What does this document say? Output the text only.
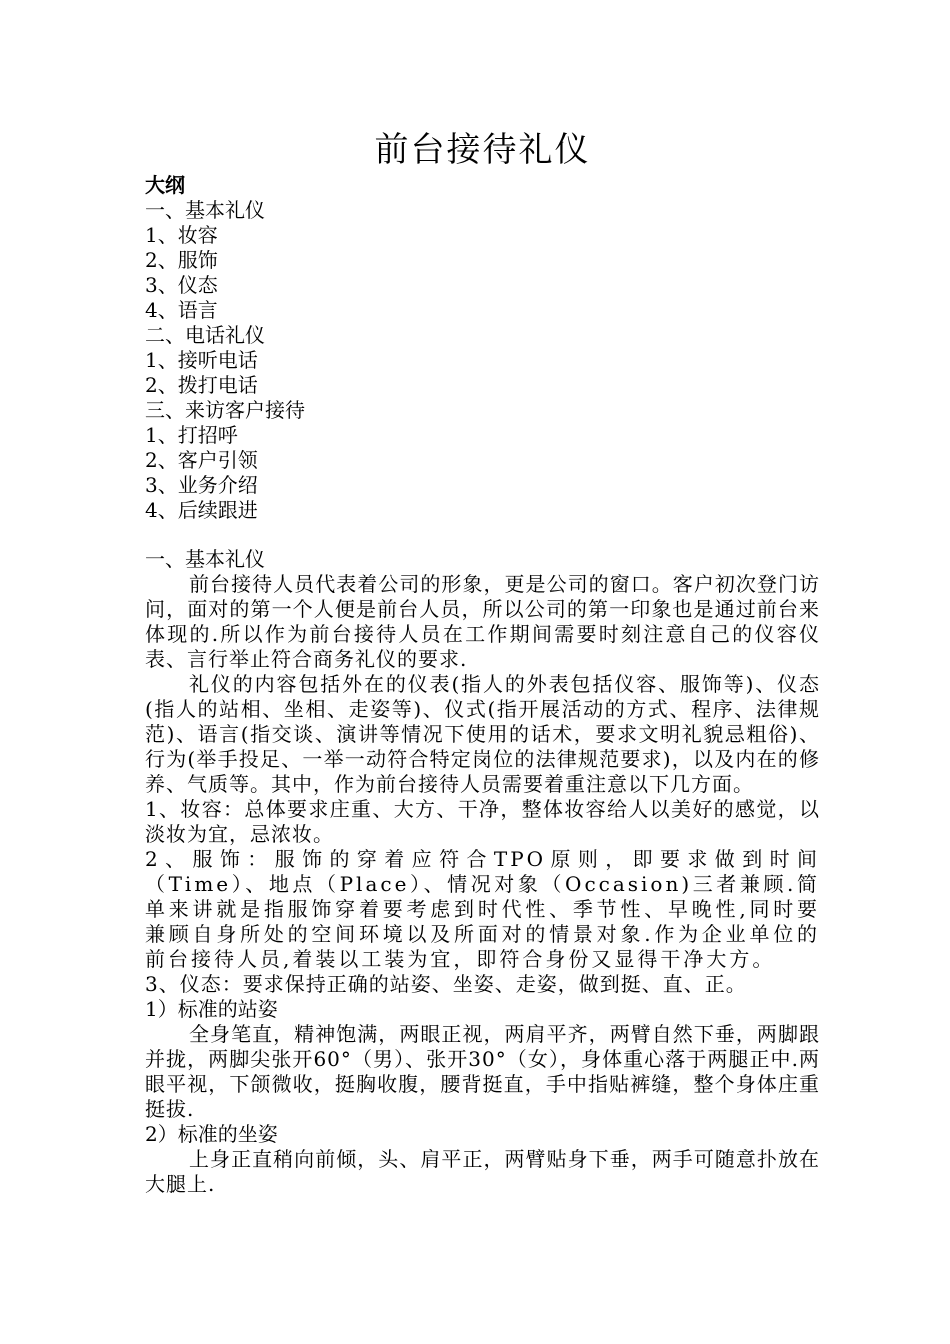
前台接待礼仪
大纲
一、基本礼仪
1、妆容
2、服饰
3、仪态
4、语言
二、电话礼仪
1、接听电话
2、拨打电话
三、来访客户接待
1、打招呼
2、客户引领
3、业务介绍
4、后续跟进
一、基本礼仪

前台接待人员代表着公司的形象，更是公司的窗口。客户初次登门访问，面对的第一个人便是前台人员，所以公司的第一印象也是通过前台来体现的.所以作为前台接待人员在工作期间需要时刻注意自己的仪容仪表、言行举止符合商务礼仪的要求.

礼仪的内容包括外在的仪表(指人的外表包括仪容、服饰等)、仪态(指人的站相、坐相、走姿等)、仪式(指开展活动的方式、程序、法律规范)、语言(指交谈、演讲等情况下使用的话术，要求文明礼貌忌粗俗)、行为(举手投足、一举一动符合特定岗位的法律规范要求)，以及内在的修养、气质等。其中，作为前台接待人员需要着重注意以下几方面。

1、妆容：总体要求庄重、大方、干净，整体妆容给人以美好的感觉，以淡妆为宜，忌浓妆。

2、服饰：服饰的穿着应符合TPO原则，即要求做到时间（Time）、地点（Place）、情况对象（Occasion)三者兼顾.简单来讲就是指服饰穿着要考虑到时代性、季节性、早晚性,同时要兼顾自身所处的空间环境以及所面对的情景对象.作为企业单位的前台接待人员,着装以工装为宜，即符合身份又显得干净大方。

3、仪态：要求保持正确的站姿、坐姿、走姿，做到挺、直、正。

1）标准的站姿

全身笔直，精神饱满，两眼正视，两肩平齐，两臂自然下垂，两脚跟并拢，两脚尖张开60°（男）、张开30°（女），身体重心落于两腿正中.两眼平视，下颌微收，挺胸收腹，腰背挺直，手中指贴裤缝，整个身体庄重挺拔.

2）标准的坐姿

上身正直稍向前倾，头、肩平正，两臂贴身下垂，两手可随意扑放在大腿上.
